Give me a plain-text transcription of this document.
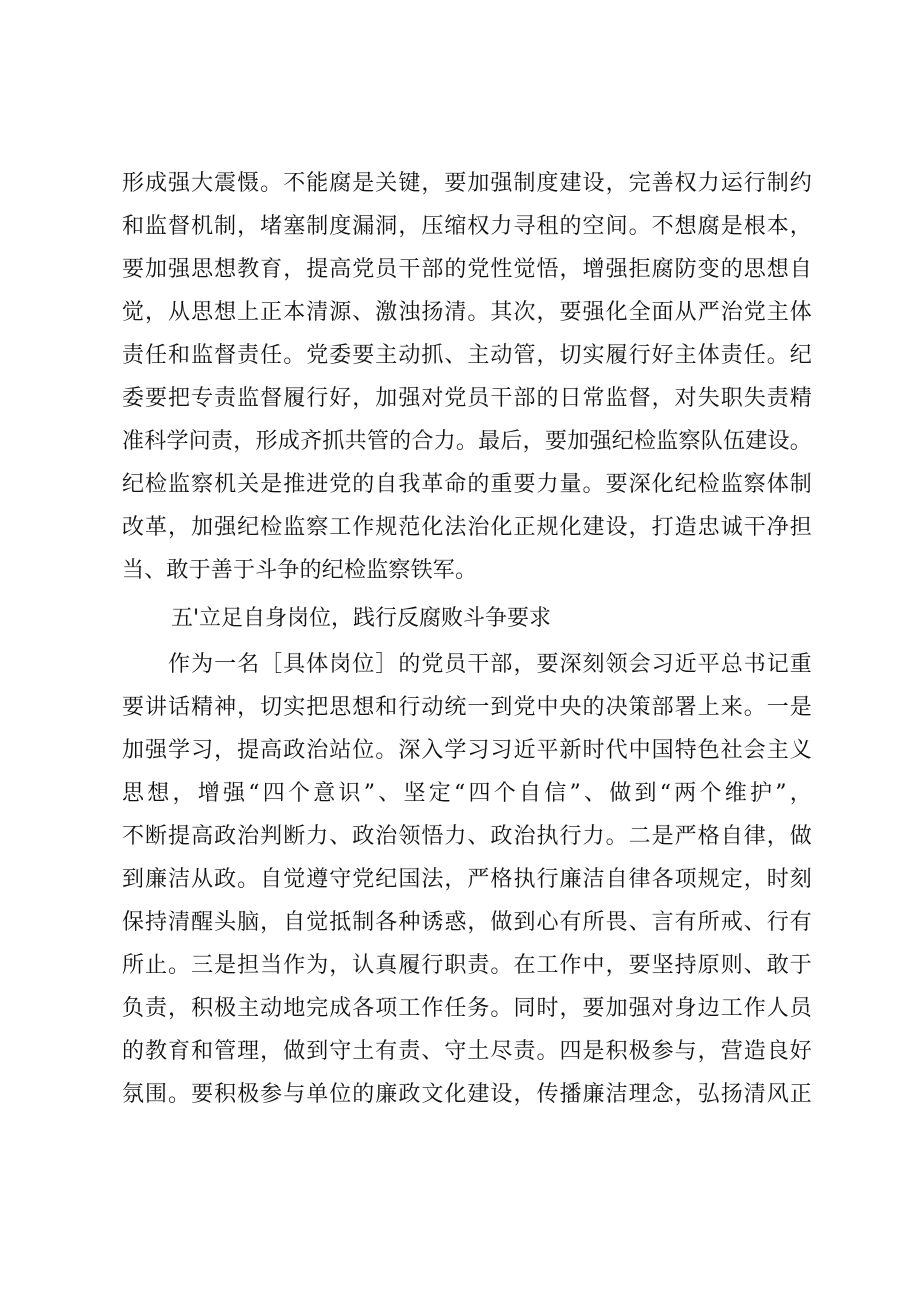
形成强大震慑。不能腐是关键，要加强制度建设，完善权力运行制约
和监督机制，堵塞制度漏洞，压缩权力寻租的空间。不想腐是根本，
要加强思想教育，提高党员干部的党性觉悟，增强拒腐防变的思想自
觉，从思想上正本清源、激浊扬清。其次，要强化全面从严治党主体
责任和监督责任。党委要主动抓、主动管，切实履行好主体责任。纪
委要把专责监督履行好，加强对党员干部的日常监督，对失职失责精
准科学问责，形成齐抓共管的合力。最后，要加强纪检监察队伍建设。
纪检监察机关是推进党的自我革命的重要力量。要深化纪检监察体制
改革，加强纪检监察工作规范化法治化正规化建设，打造忠诚干净担
当、敢于善于斗争的纪检监察铁军。
五'立足自身岗位，践行反腐败斗争要求
　　作为一名［具体岗位］的党员干部，要深刻领会习近平总书记重
要讲话精神，切实把思想和行动统一到党中央的决策部署上来。一是
加强学习，提高政治站位。深入学习习近平新时代中国特色社会主义
思想，增强“四个意识”、坚定“四个自信”、做到“两个维护”，
不断提高政治判断力、政治领悟力、政治执行力。二是严格自律，做
到廉洁从政。自觉遵守党纪国法，严格执行廉洁自律各项规定，时刻
保持清醒头脑，自觉抵制各种诱惑，做到心有所畏、言有所戒、行有
所止。三是担当作为，认真履行职责。在工作中，要坚持原则、敢于
负责，积极主动地完成各项工作任务。同时，要加强对身边工作人员
的教育和管理，做到守土有责、守土尽责。四是积极参与，营造良好
氛围。要积极参与单位的廉政文化建设，传播廉洁理念，弘扬清风正
